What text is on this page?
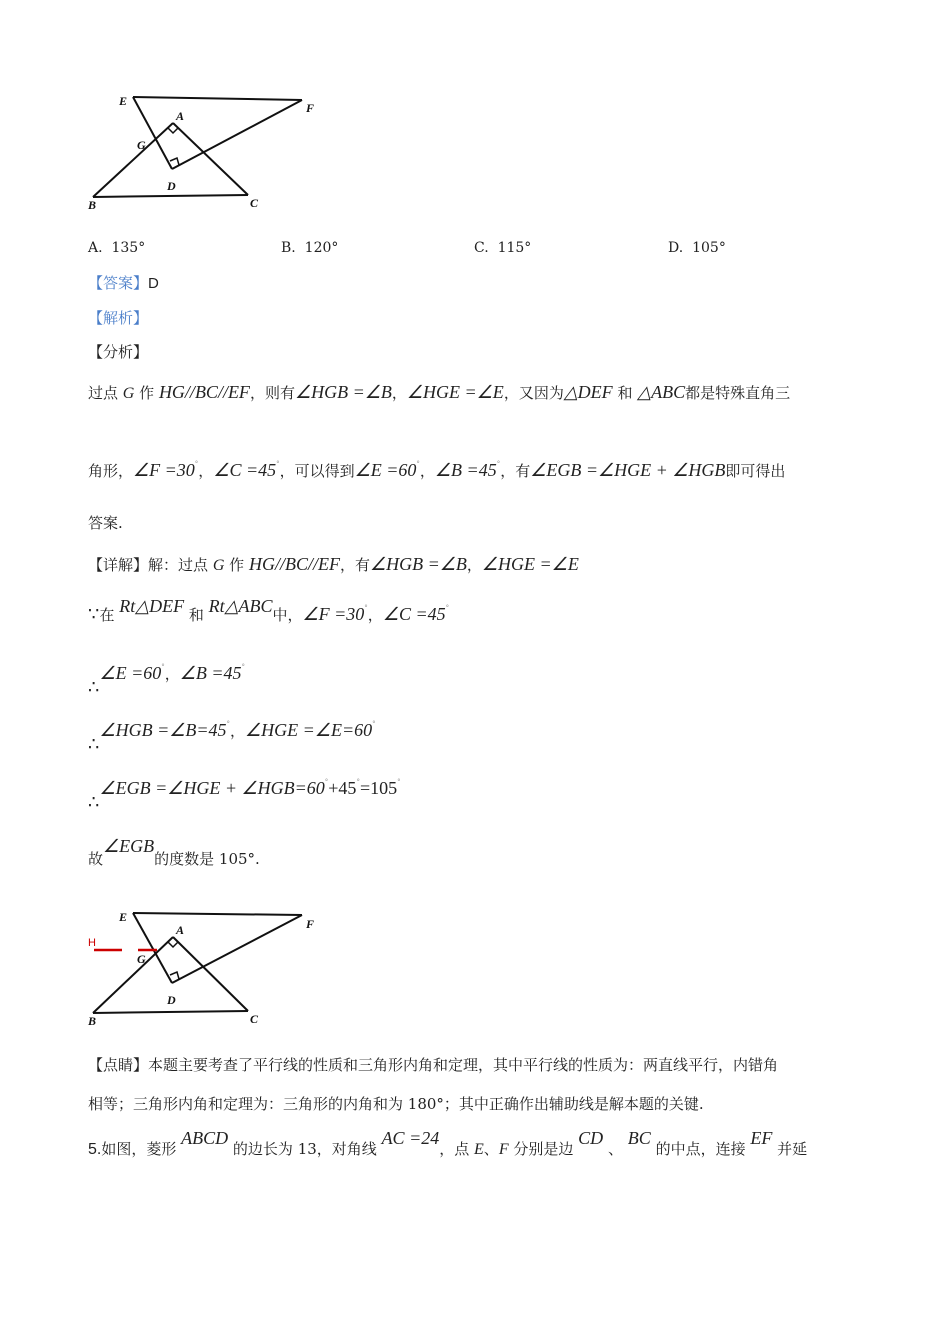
E	F
A
G
D
B	C
A. 135°	B. 120°	C. 115°	D. 105°
【答案】D
【解析】
【分析】
过点 G 作 HG//BC//EF，则有∠HGB =∠B，∠HGE =∠E，又因为△DEF 和 △ABC都是特殊直角三
角形，∠F =30°，∠C =45°，可以得到∠E =60°，∠B =45°，有∠EGB =∠HGE + ∠HGB即可得出
答案.
【详解】解：过点 G 作 HG//BC//EF，有∠HGB =∠B，∠HGE =∠E
∵在 Rt△DEF 和 Rt△ABC中，∠F =30°，∠C =45°
∴∠E =60°，∠B =45°
∴∠HGB =∠B=45°，∠HGE =∠E=60°
∴∠EGB =∠HGE + ∠HGB=60°+45°=105°
故∠EGB的度数是 105°.
H
E	F
A
G
D
B	C
【点睛】本题主要考查了平行线的性质和三角形内角和定理，其中平行线的性质为：两直线平行，内错角
相等；三角形内角和定理为：三角形的内角和为 180°；其中正确作出辅助线是解本题的关键.
5.如图，菱形 ABCD 的边长为 13，对角线 AC =24，点 E、F 分别是边 CD 、 BC 的中点，连接 EF 并延
